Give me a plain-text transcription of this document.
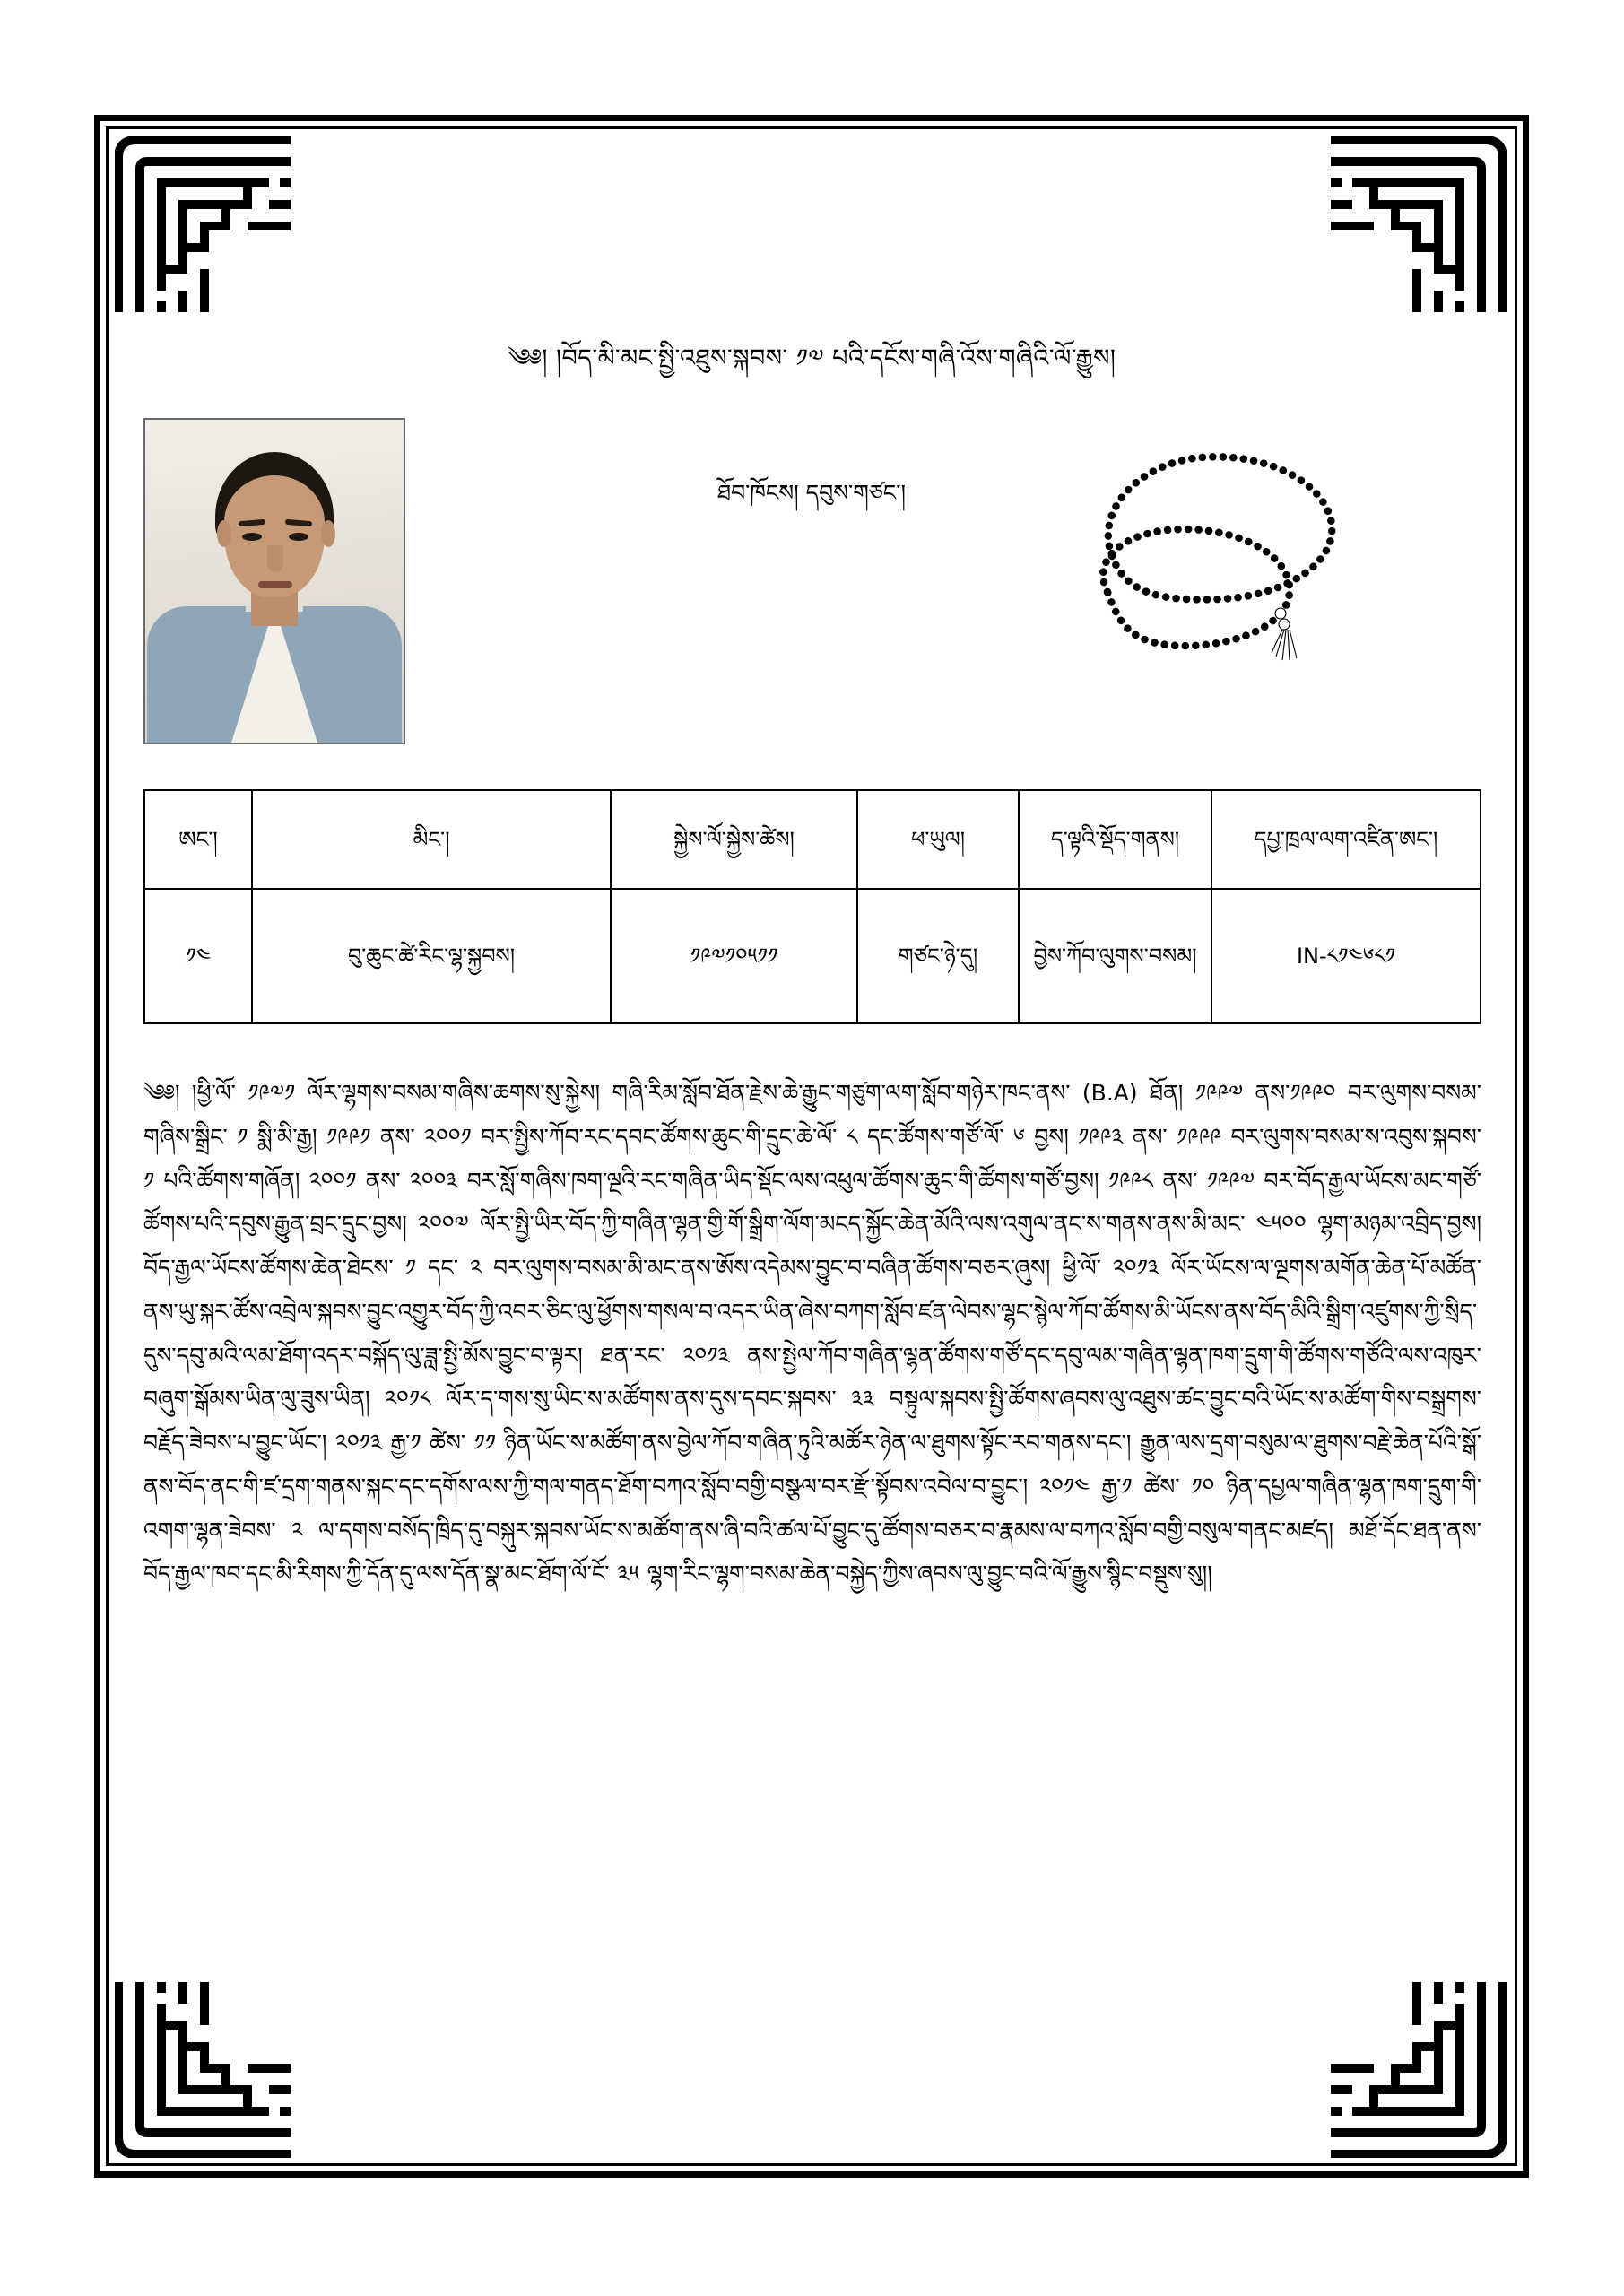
༄༅། །བོད་མི་མང་སྤྱི་འཐུས་སྐབས་ ༡༧ པའི་དངོས་གཞི་འོས་གཞིའི་ལོ་རྒྱུས།
ཐོབ་ཁོངས། དབུས་གཙང་།
ཨང་།	མིང་།	སྐྱེས་ལོ་སྐྱེས་ཚེས།	ཕ་ཡུལ།	ད་ལྟའི་སྡོད་གནས།	དཔྱ་ཁྲལ་ལག་འཛིན་ཨང་།
༡༤	བུ་ཆུང་ཚེ་རིང་ལྷ་སྐྱབས།	༡༩༧༡༠༥༡༡	གཙང་ཉེ་དུ།	བྱེས་ཀོབ་ལུགས་བསམ།	IN-༨༡༤༦༨༡

༄༅། །ཕྱི་ལོ་ ༡༩༧༡ ལོར་ལྷགས་བསམ་གཞིས་ཆགས་སུ་སྐྱེས། གཞི་རིམ་སློབ་ཐོན་རྗེས་ཆེ་རྒྱུང་གཙུག་ལག་སློབ་གཉེར་ཁང་ནས་ (B.A) ཐོན། ༡༩༩༧ ནས་༡༩༩༠ བར་ལུགས་བསམ་གཞིས་སྒྲིང་ ༡ སྨི་མི་རྒྱ། ༡༩༩༡ ནས་ ༢༠༠༡ བར་སྤྱིས་ཀོབ་རང་དབང་ཚོགས་ཆུང་གི་དྲུང་ཆེ་ལོ་ ༨ དང་ཚོགས་གཙོ་ལོ་ ༦ བྱས། ༡༩༩༣ ནས་ ༡༩༩༩ བར་ལུགས་བསམ་ས་འབུས་སྐབས་ ༡ པའི་ཚོགས་གཞོན། ༢༠༠༡ ནས་ ༢༠༠༣ བར་སློ་གཞིས་ཁག་ལྔའི་རང་གཞིན་ཡིད་སྡོང་ལས་འཕུལ་ཚོགས་ཆུང་གི་ཚོགས་གཙོ་བྱས། ༡༩༩༨ ནས་ ༡༩༩༧ བར་བོད་རྒྱལ་ཡོངས་མང་གཙོ་ཚོགས་པའི་དབུས་རྒྱུན་བྲང་དྲུང་བྱས། ༢༠༠༧ ལོར་སྤྱི་ཡིར་བོད་ཀྱི་གཞིན་ལྷན་གྱི་གོ་སྒྲིག་ལོག་མངད་སྐྱོང་ཆེན་མོའི་ལས་འགུལ་ནང་ས་གནས་ནས་མི་མང་ ༤༥༠༠ ལྷག་མཉམ་འབྲིད་བྱས། བོད་རྒྱལ་ཡོངས་ཚོགས་ཆེན་ཐེངས་ ༡ དང་ ༢ བར་ལུགས་བསམ་མི་མང་ནས་ཨོས་འདེམས་བྱུང་བ་བཞིན་ཚོགས་བཅར་ཞུས། ཕྱི་ལོ་ ༢༠༡༣ ལོར་ཡོངས་ལ་ལྔགས་མགོན་ཆེན་པོ་མཚོན་ནས་ཡུ་སྐར་ཚོས་འབྲེལ་སྐབས་བྱུང་འགྱུར་བོད་ཀྱི་འབར་ཅིང་ལུ་ཕྱོགས་གསལ་བ་འདར་ཡིན་ཞེས་བཀག་སློབ་ཛན་ལེབས་ལྷང་སྙེལ་ཀོབ་ཚོགས་མི་ཡོངས་ནས་བོད་མིའི་སྒྲིག་འཛུགས་ཀྱི་སྲིད་དུས་དབུ་མའི་ལམ་ཐོག་འདར་བསྐོད་ལུ་ཟླ་སྤྱི་མོས་བྱུང་བ་ལྟར། ཐན་རང་ ༢༠༡༣ ནས་སྤྱེལ་ཀོབ་གཞིན་ལྷན་ཚོགས་གཙོ་དང་དབུ་ལམ་གཞིན་ལྷན་ཁག་དྲུག་གི་ཚོགས་གཙོའི་ལས་འཁུར་བཞུག་སྒོམས་ཡིན་ལུ་ཟུས་ཡིན། ༢༠༡༨ ལོར་ད་གས་སུ་ཡིང་ས་མཚོགས་ནས་དུས་དབང་སྐབས་ ༣༣ བསྟུལ་སྐབས་སྤྱི་ཚོགས་ཞབས་ལུ་འཐུས་ཚང་བྱུང་བའི་ཡོང་ས་མཚོག་གིས་བསྒྲགས་བརྗོད་ཟེབས་པ་བྱུང་ཡོང་། ༢༠༡༣ རྒྱ་༡ ཚེས་ ༡༡ ཉིན་ཡོང་ས་མཚོག་ནས་བྱེལ་ཀོབ་གཞིན་ཏུའི་མཚོར་ཉེན་ལ་ཐུགས་སྟོང་རབ་གནས་དང་། རྒྱུན་ལས་དྲག་བསུམ་ལ་ཐུགས་བརྗེ་ཆེན་པོའི་སྒོ་ནས་བོད་ནང་གི་ཛ་དྲག་གནས་སྐང་དང་དགོས་ལས་ཀྱི་གལ་གནད་ཐོག་བཀའ་སློབ་བགྱི་བསྩལ་བར་རྫོ་སྟོབས་འབེལ་བ་བྱུང་། ༢༠༡༤ རྒྱ་༡ ཚེས་ ༡༠ ཉིན་དཔྱལ་གཞིན་ལྷན་ཁག་དྲུག་གི་འགག་ལྷན་ཟེབས་ ༢ ལ་དགས་བསོད་ཁྲིད་དུ་བསྐུར་སྐབས་ཡོང་ས་མཚོག་ནས་ཞི་བའི་ཚལ་པོ་བྱུང་དུ་ཚོགས་བཅར་བ་རྣམས་ལ་བཀའ་སློབ་བགྱི་བསུལ་གནང་མཛད། མཐོ་དོང་ཐན་ནས་བོད་རྒྱལ་ཁབ་དང་མི་རིགས་ཀྱི་དོན་དུ་ལས་དོན་སྣ་མང་ཐོག་ལོ་ངོ་ ༣༥ ལྷག་རིང་ལྷག་བསམ་ཆེན་བསྐྱེད་ཀྱིས་ཞབས་ལུ་བྱུང་བའི་ལོ་རྒྱུས་སྙིང་བསྡུས་སུ།།
